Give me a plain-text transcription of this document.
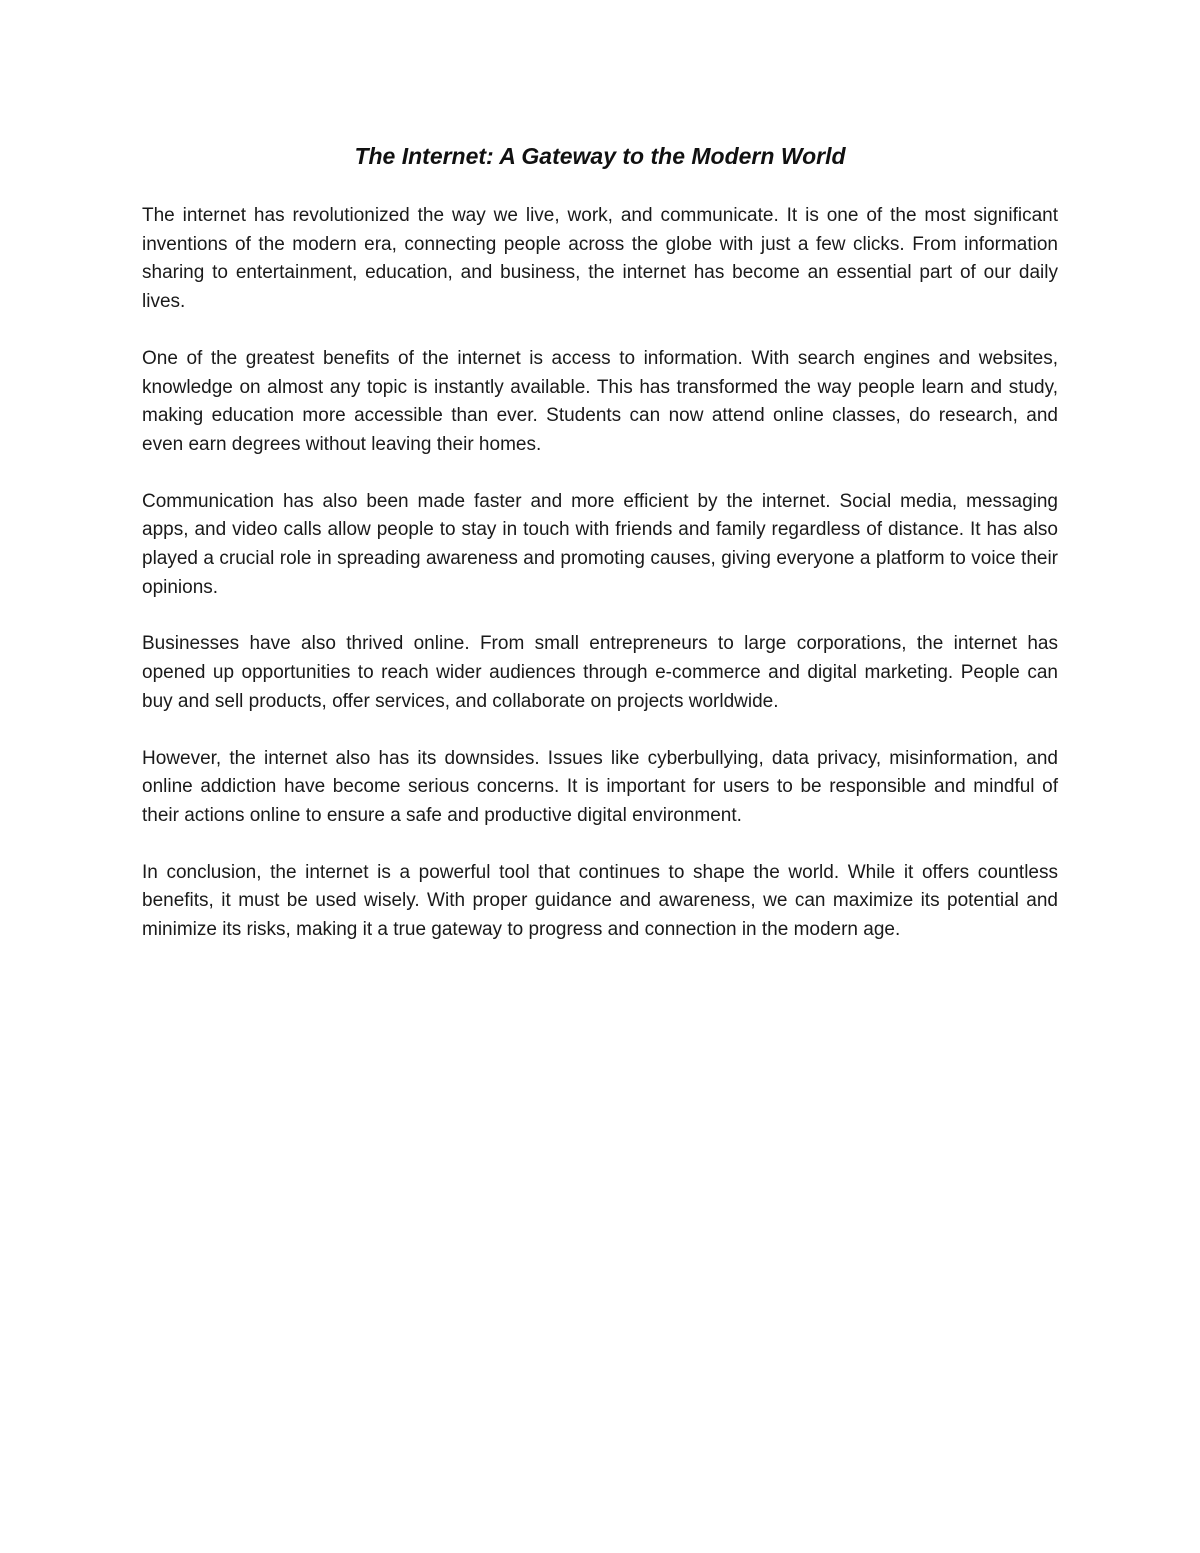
The Internet: A Gateway to the Modern World

The internet has revolutionized the way we live, work, and communicate. It is one of the most significant inventions of the modern era, connecting people across the globe with just a few clicks. From information sharing to entertainment, education, and business, the internet has become an essential part of our daily lives.

One of the greatest benefits of the internet is access to information. With search engines and websites, knowledge on almost any topic is instantly available. This has transformed the way people learn and study, making education more accessible than ever. Students can now attend online classes, do research, and even earn degrees without leaving their homes.

Communication has also been made faster and more efficient by the internet. Social media, messaging apps, and video calls allow people to stay in touch with friends and family regardless of distance. It has also played a crucial role in spreading awareness and promoting causes, giving everyone a platform to voice their opinions.

Businesses have also thrived online. From small entrepreneurs to large corporations, the internet has opened up opportunities to reach wider audiences through e-commerce and digital marketing. People can buy and sell products, offer services, and collaborate on projects worldwide.

However, the internet also has its downsides. Issues like cyberbullying, data privacy, misinformation, and online addiction have become serious concerns. It is important for users to be responsible and mindful of their actions online to ensure a safe and productive digital environment.

In conclusion, the internet is a powerful tool that continues to shape the world. While it offers countless benefits, it must be used wisely. With proper guidance and awareness, we can maximize its potential and minimize its risks, making it a true gateway to progress and connection in the modern age.
